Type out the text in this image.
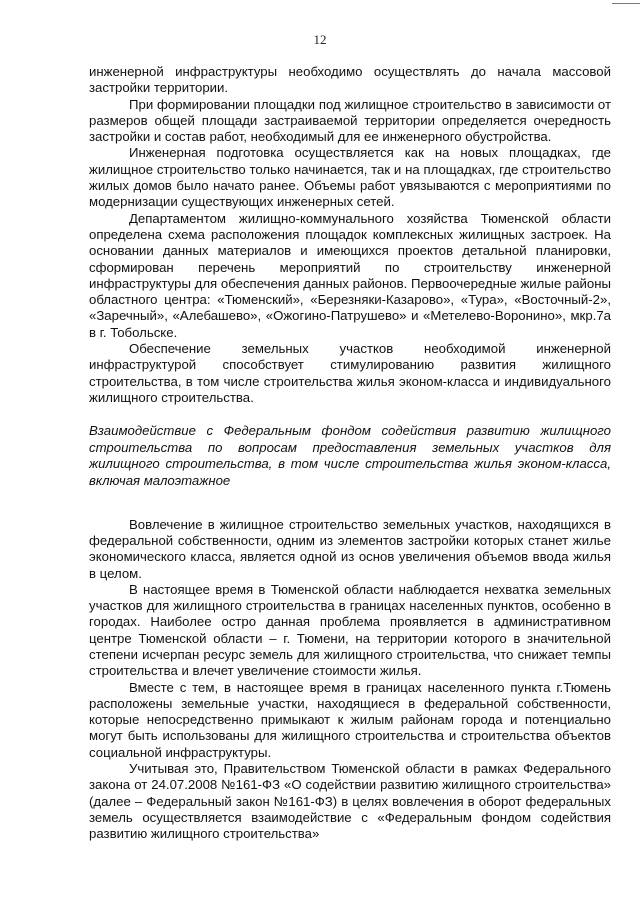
12

инженерной инфраструктуры необходимо осуществлять до начала массовой застройки территории.

При формировании площадки под жилищное строительство в зависимости от размеров общей площади застраиваемой территории определяется очередность застройки и состав работ, необходимый для ее инженерного обустройства.

Инженерная подготовка осуществляется как на новых площадках, где жилищное строительство только начинается, так и на площадках, где строительство жилых домов было начато ранее. Объемы работ увязываются с мероприятиями по модернизации существующих инженерных сетей.

Департаментом жилищно-коммунального хозяйства Тюменской области определена схема расположения площадок комплексных жилищных застроек. На основании данных материалов и имеющихся проектов детальной планировки, сформирован перечень мероприятий по строительству инженерной инфраструктуры для обеспечения данных районов. Первоочередные жилые районы областного центра: «Тюменский», «Березняки-Казарово», «Тура», «Восточный-2», «Заречный», «Алебашево», «Ожогино-Патрушево» и «Метелево-Воронино», мкр.7а в г. Тобольске.

Обеспечение земельных участков необходимой инженерной инфраструктурой способствует стимулированию развития жилищного строительства, в том числе строительства жилья эконом-класса и индивидуального жилищного строительства.

Взаимодействие с Федеральным фондом содействия развитию жилищного строительства по вопросам предоставления земельных участков для жилищного строительства, в том числе строительства жилья эконом-класса, включая малоэтажное

Вовлечение в жилищное строительство земельных участков, находящихся в федеральной собственности, одним из элементов застройки которых станет жилье экономического класса, является одной из основ увеличения объемов ввода жилья в целом.

В настоящее время в Тюменской области наблюдается нехватка земельных участков для жилищного строительства в границах населенных пунктов, особенно в городах. Наиболее остро данная проблема проявляется в административном центре Тюменской области – г. Тюмени, на территории которого в значительной степени исчерпан ресурс земель для жилищного строительства, что снижает темпы строительства и влечет увеличение стоимости жилья.

Вместе с тем, в настоящее время в границах населенного пункта г.Тюмень расположены земельные участки, находящиеся в федеральной собственности, которые непосредственно примыкают к жилым районам города и потенциально могут быть использованы для жилищного строительства и строительства объектов социальной инфраструктуры.

Учитывая это, Правительством Тюменской области в рамках Федерального закона от 24.07.2008 №161-ФЗ «О содействии развитию жилищного строительства» (далее – Федеральный закон №161-ФЗ) в целях вовлечения в оборот федеральных земель осуществляется взаимодействие с «Федеральным фондом содействия развитию жилищного строительства»
